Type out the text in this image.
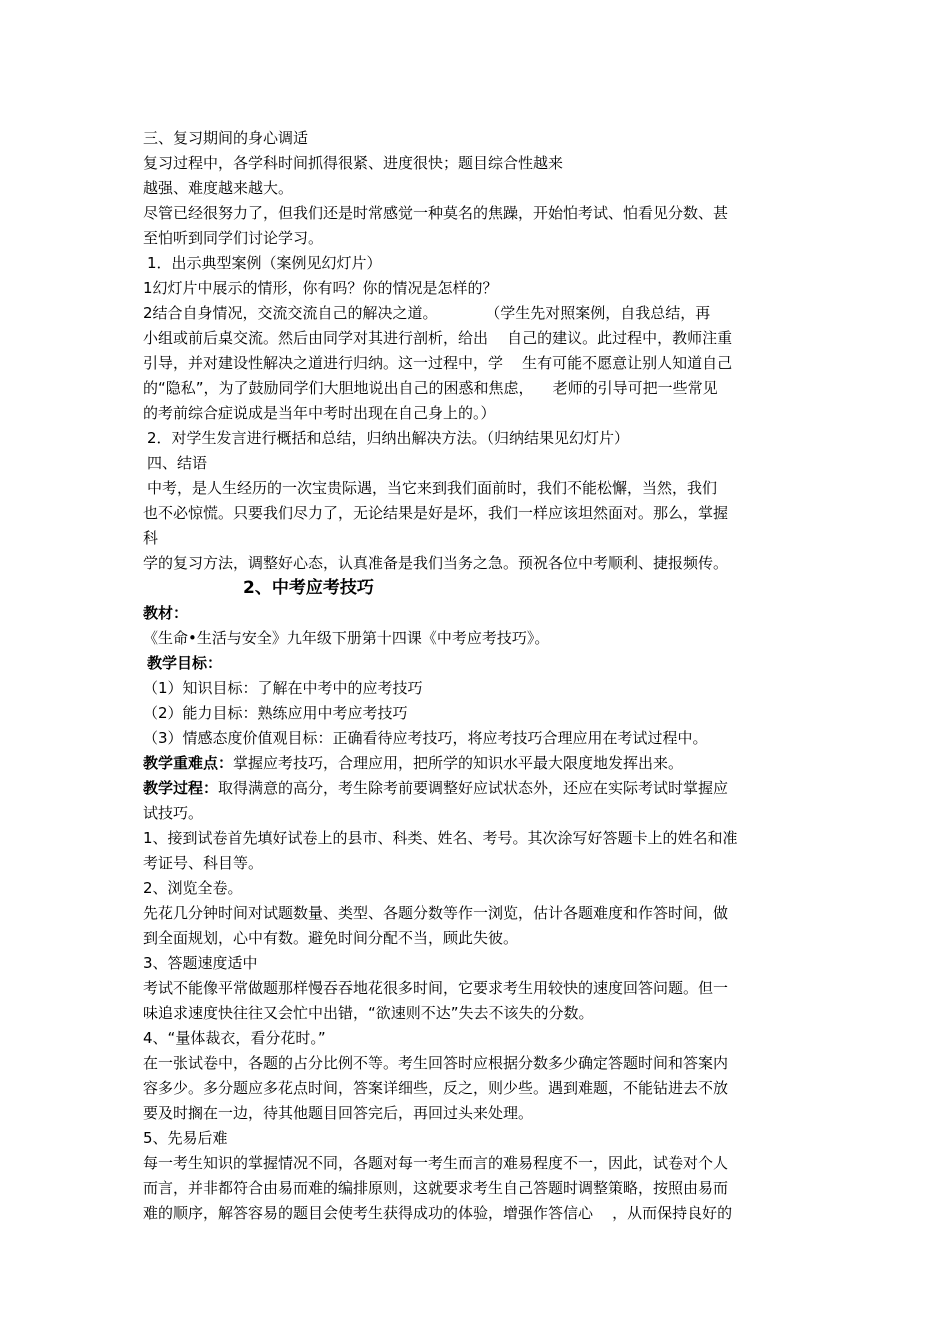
三、复习期间的身心调适
复习过程中，各学科时间抓得很紧、进度很快；题目综合性越来
越强、难度越来越大。
尽管已经很努力了，但我们还是时常感觉一种莫名的焦躁，开始怕考试、怕看见分数、甚
至怕听到同学们讨论学习。
1．出示典型案例（案例见幻灯片）
1幻灯片中展示的情形，你有吗？你的情况是怎样的？
2结合自身情况，交流交流自己的解决之道。          （学生先对照案例，自我总结，再
小组或前后桌交流。然后由同学对其进行剖析，给出    自己的建议。此过程中，教师注重
引导，并对建设性解决之道进行归纳。这一过程中，学    生有可能不愿意让别人知道自己
的“隐私”，为了鼓励同学们大胆地说出自己的困惑和焦虑，    老师的引导可把一些常见
的考前综合症说成是当年中考时出现在自己身上的。）
2．对学生发言进行概括和总结，归纳出解决方法。（归纳结果见幻灯片）
四、结语
中考，是人生经历的一次宝贵际遇，当它来到我们面前时，我们不能松懈，当然，我们
也不必惊慌。只要我们尽力了，无论结果是好是坏，我们一样应该坦然面对。那么，掌握
科
学的复习方法，调整好心态，认真准备是我们当务之急。预祝各位中考顺利、捷报频传。
2、中考应考技巧
教材：
《生命•生活与安全》九年级下册第十四课《中考应考技巧》。
教学目标：
（1）知识目标：了解在中考中的应考技巧
（2）能力目标：熟练应用中考应考技巧
（3）情感态度价值观目标：正确看待应考技巧，将应考技巧合理应用在考试过程中。
教学重难点：掌握应考技巧，合理应用，把所学的知识水平最大限度地发挥出来。
教学过程：取得满意的高分，考生除考前要调整好应试状态外，还应在实际考试时掌握应
试技巧。
1、接到试卷首先填好试卷上的县市、科类、姓名、考号。其次涂写好答题卡上的姓名和准
考证号、科目等。
2、浏览全卷。
先花几分钟时间对试题数量、类型、各题分数等作一浏览，估计各题难度和作答时间，做
到全面规划，心中有数。避免时间分配不当，顾此失彼。
3、答题速度适中
考试不能像平常做题那样慢吞吞地花很多时间，它要求考生用较快的速度回答问题。但一
味追求速度快往往又会忙中出错，“欲速则不达”失去不该失的分数。
4、“量体裁衣，看分花时。”
在一张试卷中，各题的占分比例不等。考生回答时应根据分数多少确定答题时间和答案内
容多少。多分题应多花点时间，答案详细些，反之，则少些。遇到难题，不能钻进去不放
要及时搁在一边，待其他题目回答完后，再回过头来处理。
5、先易后难
每一考生知识的掌握情况不同，各题对每一考生而言的难易程度不一，因此，试卷对个人
而言，并非都符合由易而难的编排原则，这就要求考生自己答题时调整策略，按照由易而
难的顺序，解答容易的题目会使考生获得成功的体验，增强作答信心    ，从而保持良好的
